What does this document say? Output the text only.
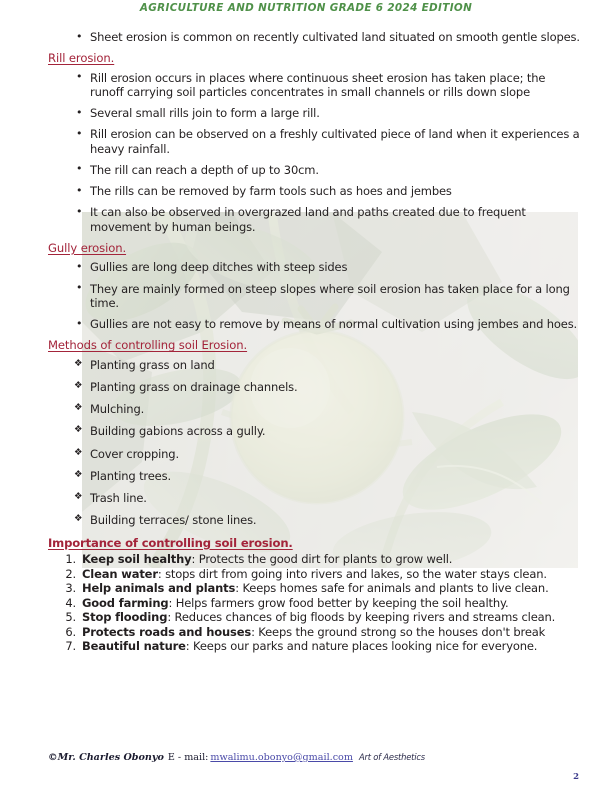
AGRICULTURE AND NUTRITION GRADE 6 2024 EDITION
• Sheet erosion is common on recently cultivated land situated on smooth gentle slopes.
Rill erosion.
• Rill erosion occurs in places where continuous sheet erosion has taken place; the runoff carrying soil particles concentrates in small channels or rills down slope
• Several small rills join to form a large rill.
• Rill erosion can be observed on a freshly cultivated piece of land when it experiences a heavy rainfall.
• The rill can reach a depth of up to 30cm.
• The rills can be removed by farm tools such as hoes and jembes
• It can also be observed in overgrazed land and paths created due to frequent movement by human beings.
Gully erosion.
• Gullies are long deep ditches with steep sides
• They are mainly formed on steep slopes where soil erosion has taken place for a long time.
• Gullies are not easy to remove by means of normal cultivation using jembes and hoes.
Methods of controlling soil Erosion.
❖ Planting grass on land
❖ Planting grass on drainage channels.
❖ Mulching.
❖ Building gabions across a gully.
❖ Cover cropping.
❖ Planting trees.
❖ Trash line.
❖ Building terraces/ stone lines.
Importance of controlling soil erosion.
1. Keep soil healthy: Protects the good dirt for plants to grow well.
2. Clean water: stops dirt from going into rivers and lakes, so the water stays clean.
3. Help animals and plants: Keeps homes safe for animals and plants to live clean.
4. Good farming: Helps farmers grow food better by keeping the soil healthy.
5. Stop flooding: Reduces chances of big floods by keeping rivers and streams clean.
6. Protects roads and houses: Keeps the ground strong so the houses don't break
7. Beautiful nature: Keeps our parks and nature places looking nice for everyone.
©Mr. Charles Obonyo E - mail: mwalimu.obonyo@gmail.com Art of Aesthetics
2
